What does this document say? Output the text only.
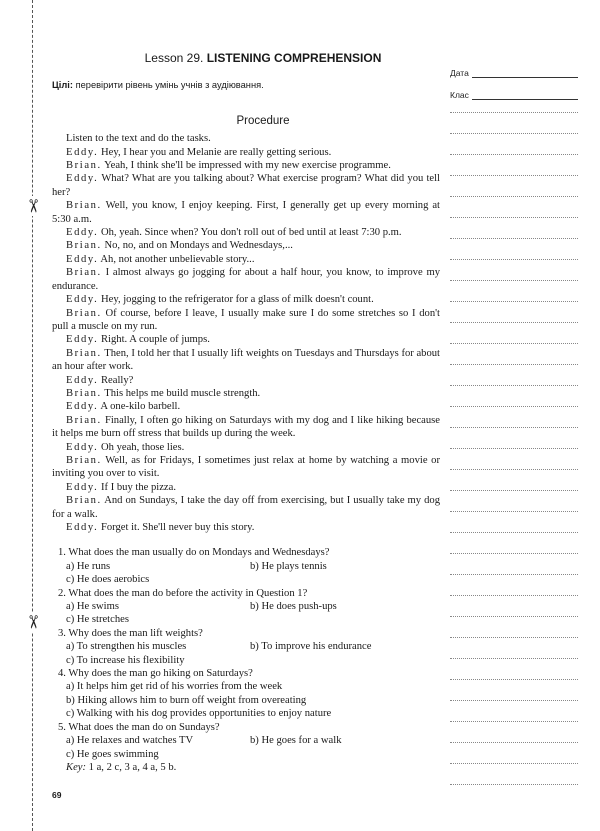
✂
✂
Lesson 29. LISTENING COMPREHENSION
Цілі: перевірити рівень умінь учнів з аудіювання.
Procedure

Listen to the text and do the tasks.

Eddy. Hey, I hear you and Melanie are really getting serious.

Brian. Yeah, I think she'll be impressed with my new exercise programme.

Eddy. What? What are you talking about? What exercise program? What did you tell her?

Brian. Well, you know, I enjoy keeping. First, I generally get up every morning at 5:30 a.m.

Eddy. Oh, yeah. Since when? You don't roll out of bed until at least 7:30 p.m.

Brian. No, no, and on Mondays and Wednesdays,...

Eddy. Ah, not another unbelievable story...

Brian. I almost always go jogging for about a half hour, you know, to improve my endurance.

Eddy. Hey, jogging to the refrigerator for a glass of milk doesn't count.

Brian. Of course, before I leave, I usually make sure I do some stretches so I don't pull a muscle on my run.

Eddy. Right. A couple of jumps.

Brian. Then, I told her that I usually lift weights on Tuesdays and Thursdays for about an hour after work.

Eddy. Really?

Brian. This helps me build muscle strength.

Eddy. A one-kilo barbell.

Brian. Finally, I often go hiking on Saturdays with my dog and I like hiking because it helps me burn off stress that builds up during the week.

Eddy. Oh yeah, those lies.

Brian. Well, as for Fridays, I sometimes just relax at home by watching a movie or inviting you over to visit.

Eddy. If I buy the pizza.

Brian. And on Sundays, I take the day off from exercising, but I usually take my dog for a walk.

Eddy. Forget it. She'll never buy this story.

1. What does the man usually do on Mondays and Wednesdays?
a) He runs	b) He plays tennis
c) He does aerobics
2. What does the man do before the activity in Question 1?
a) He swims	b) He does push-ups
c) He stretches
3. Why does the man lift weights?
a) To strengthen his muscles	b) To improve his endurance
c) To increase his flexibility
4. Why does the man go hiking on Saturdays?
a) It helps him get rid of his worries from the week
b) Hiking allows him to burn off weight from overeating
c) Walking with his dog provides opportunities to enjoy nature
5. What does the man do on Sundays?
a) He relaxes and watches TV	b) He goes for a walk
c) He goes swimming
Key: 1 a, 2 c, 3 a, 4 a, 5 b.
69
Дата
Клас
